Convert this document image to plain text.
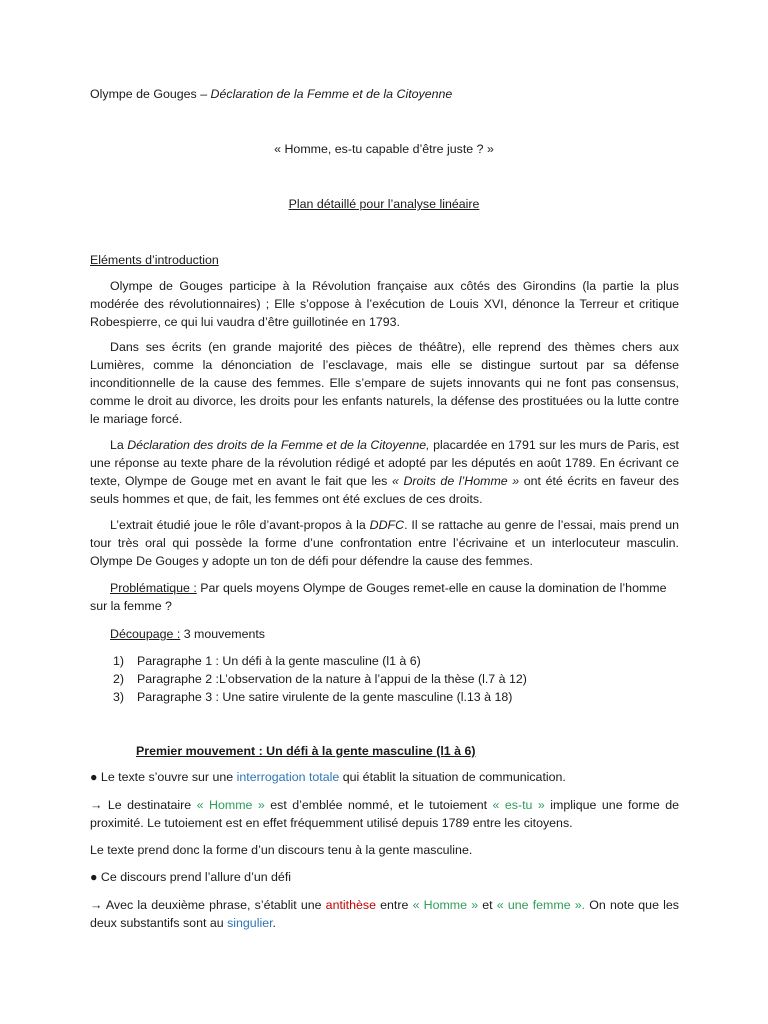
Olympe de Gouges – Déclaration de la Femme et de la Citoyenne
« Homme, es-tu capable d’être juste ? »
Plan détaillé pour l’analyse linéaire
Eléments d’introduction
Olympe de Gouges participe à la Révolution française aux côtés des Girondins (la partie la plus modérée des révolutionnaires) ; Elle s’oppose à l’exécution de Louis XVI, dénonce la Terreur et critique Robespierre, ce qui lui vaudra d’être guillotinée en 1793.
Dans ses écrits (en grande majorité des pièces de théâtre), elle reprend des thèmes chers aux Lumières, comme la dénonciation de l’esclavage, mais elle se distingue surtout par sa défense inconditionnelle de la cause des femmes. Elle s’empare de sujets innovants qui ne font pas consensus, comme le droit au divorce, les droits pour les enfants naturels, la défense des prostituées ou la lutte contre le mariage forcé.
La Déclaration des droits de la Femme et de la Citoyenne, placardée en 1791 sur les murs de Paris, est une réponse au texte phare de la révolution rédigé et adopté par les députés en août 1789. En écrivant ce texte, Olympe de Gouge met en avant le fait que les « Droits de l’Homme » ont été écrits en faveur des seuls hommes et que, de fait, les femmes ont été exclues de ces droits.
L’extrait étudié joue le rôle d’avant-propos à la DDFC. Il se rattache au genre de l’essai, mais prend un tour très oral qui possède la forme d’une confrontation entre l’écrivaine et un interlocuteur masculin. Olympe De Gouges y adopte un ton de défi pour défendre la cause des femmes.
Problématique : Par quels moyens Olympe de Gouges remet-elle en cause la domination de l’homme sur la femme ?
Découpage : 3 mouvements
1) Paragraphe 1 : Un défi à la gente masculine (l1 à 6)
2) Paragraphe 2 :L’observation de la nature à l’appui de la thèse (l.7 à 12)
3) Paragraphe 3 : Une satire virulente de la gente masculine (l.13 à 18)
Premier mouvement : Un défi à la gente masculine (l1 à 6)
● Le texte s’ouvre sur une interrogation totale qui établit la situation de communication.
→ Le destinataire « Homme » est d’emblée nommé, et le tutoiement « es-tu » implique une forme de proximité. Le tutoiement est en effet fréquemment utilisé depuis 1789 entre les citoyens.
Le texte prend donc la forme d’un discours tenu à la gente masculine.
● Ce discours prend l’allure d’un défi
→ Avec la deuxième phrase, s’établit une antithèse entre « Homme » et « une femme ». On note que les deux substantifs sont au singulier.
